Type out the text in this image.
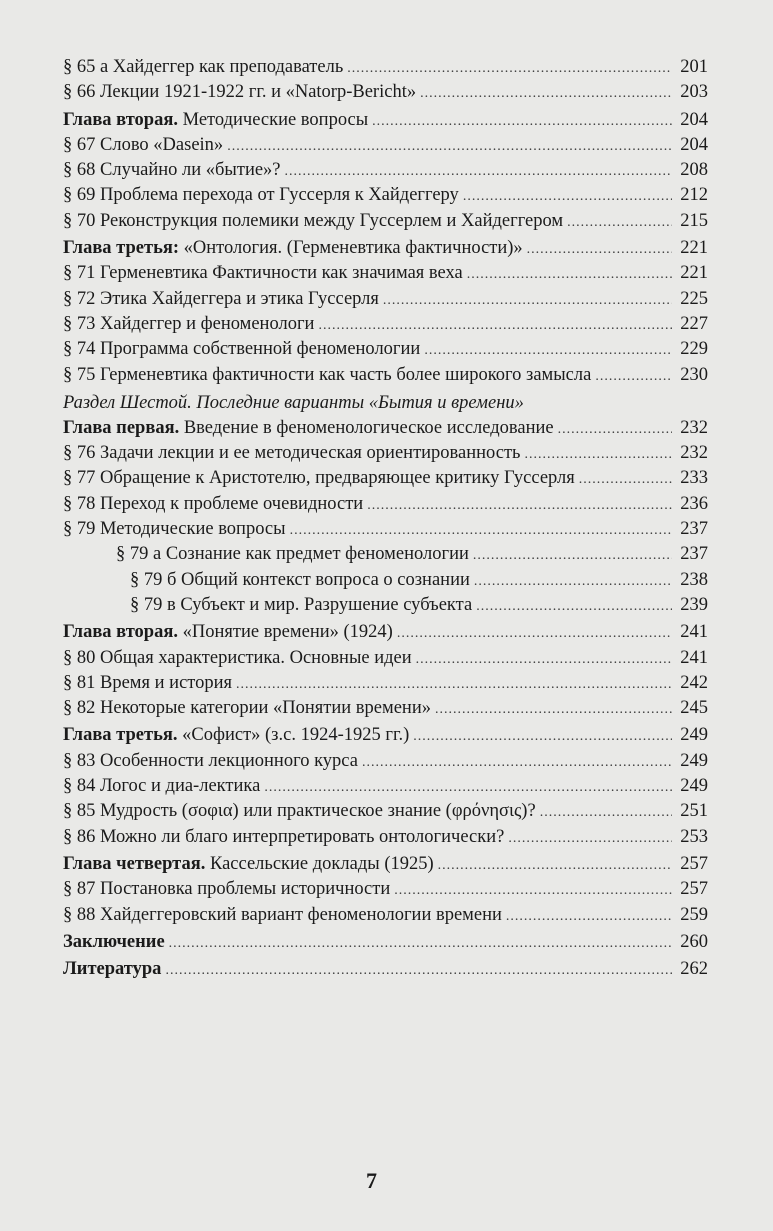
§ 65 а Хайдеггер как преподаватель .....	201
§ 66 Лекции 1921-1922 гг. и «Natorp-Bericht» .....	203
Глава вторая. Методические вопросы .....	204
§ 67 Слово «Dasein» .....	204
§ 68 Случайно ли «бытие»? .....	208
§ 69 Проблема перехода от Гуссерля к Хайдеггеру .....	212
§ 70 Реконструкция полемики между Гуссерлем и Хайдеггером .....	215
Глава третья: «Онтология. (Герменевтика фактичности)» .....	221
§ 71 Герменевтика Фактичности как значимая веха .....	221
§ 72 Этика Хайдеггера и этика Гуссерля .....	225
§ 73 Хайдеггер и феноменологи .....	227
§ 74 Программа собственной феноменологии .....	229
§ 75 Герменевтика фактичности как часть более широкого замысла .....	230
Раздел Шестой. Последние варианты «Бытия и времени»
Глава первая. Введение в феноменологическое исследование .....	232
§ 76 Задачи лекции и ее методическая ориентированность .....	232
§ 77 Обращение к Аристотелю, предваряющее критику Гуссерля .....	233
§ 78 Переход к проблеме очевидности .....	236
§ 79 Методические вопросы .....	237
§ 79 а Сознание как предмет феноменологии .....	237
§ 79 б Общий контекст вопроса о сознании .....	238
§ 79 в Субъект и мир. Разрушение субъекта .....	239
Глава вторая. «Понятие времени» (1924) .....	241
§ 80 Общая характеристика. Основные идеи .....	241
§ 81 Время и история .....	242
§ 82 Некоторые категории «Понятии времени» .....	245
Глава третья. «Софист» (з.с. 1924-1925 гг.) .....	249
§ 83 Особенности лекционного курса .....	249
§ 84 Логос и диа-лектика .....	249
§ 85 Мудрость (σοφια) или практическое знание (φρόνησις)? .....	251
§ 86 Можно ли благо интерпретировать онтологически? .....	253
Глава четвертая. Кассельские доклады (1925) .....	257
§ 87 Постановка проблемы историчности .....	257
§ 88 Хайдеггеровский вариант феноменологии времени .....	259
Заключение .....	260
Литература .....	262
7
